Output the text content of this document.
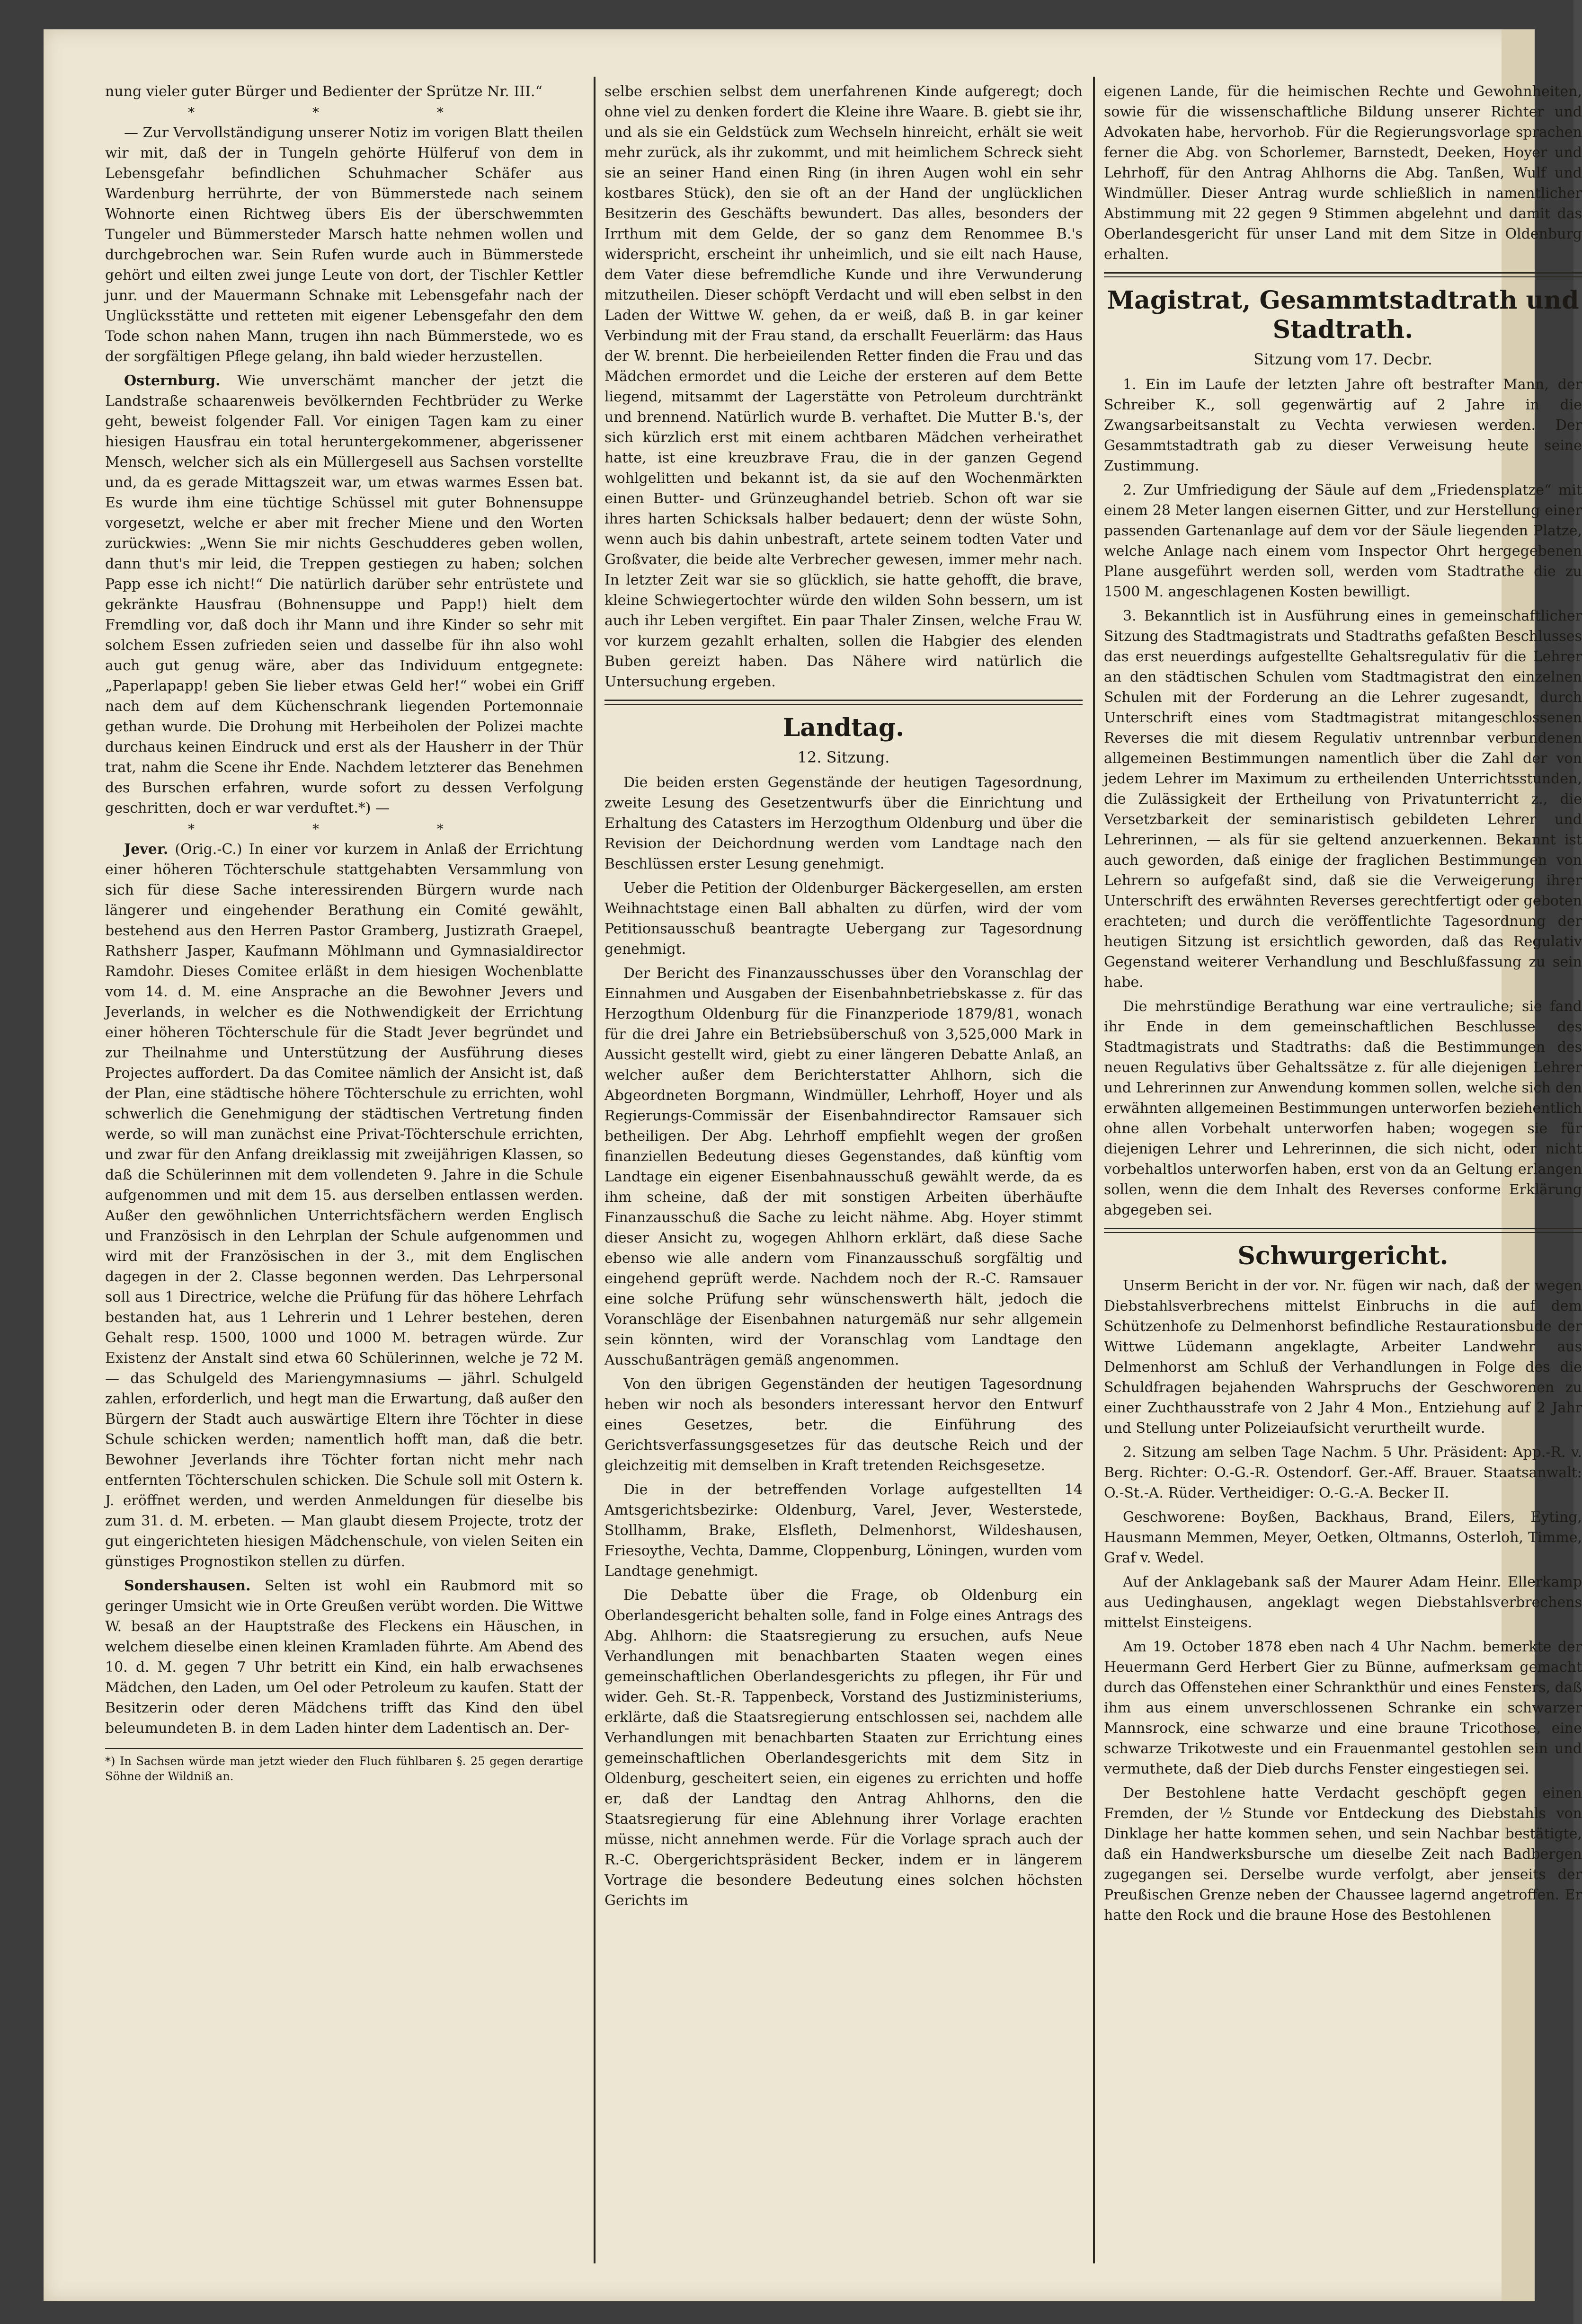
nung vieler guter Bürger und Bedienter der Sprütze Nr. III.“

* * *

— Zur Vervollständigung unserer Notiz im vorigen Blatt theilen wir mit, daß der in Tungeln gehörte Hülferuf von dem in Lebensgefahr befindlichen Schuhmacher Schäfer aus Wardenburg herrührte, der von Bümmerstede nach seinem Wohnorte einen Richtweg übers Eis der überschwemmten Tungeler und Bümmersteder Marsch hatte nehmen wollen und durchgebrochen war. Sein Rufen wurde auch in Bümmerstede gehört und eilten zwei junge Leute von dort, der Tischler Kettler junr. und der Mauermann Schnake mit Lebensgefahr nach der Unglücksstätte und retteten mit eigener Lebensgefahr den dem Tode schon nahen Mann, trugen ihn nach Bümmerstede, wo es der sorgfältigen Pflege gelang, ihn bald wieder herzustellen.

Osternburg. Wie unverschämt mancher der jetzt die Landstraße schaarenweis bevölkernden Fechtbrüder zu Werke geht, beweist folgender Fall. Vor einigen Tagen kam zu einer hiesigen Hausfrau ein total heruntergekommener, abgerissener Mensch, welcher sich als ein Müllergesell aus Sachsen vorstellte und, da es gerade Mittagszeit war, um etwas warmes Essen bat. Es wurde ihm eine tüchtige Schüssel mit guter Bohnensuppe vorgesetzt, welche er aber mit frecher Miene und den Worten zurückwies: „Wenn Sie mir nichts Geschudderes geben wollen, dann thut's mir leid, die Treppen gestiegen zu haben; solchen Papp esse ich nicht!“ Die natürlich darüber sehr entrüstete und gekränkte Hausfrau (Bohnensuppe und Papp!) hielt dem Fremdling vor, daß doch ihr Mann und ihre Kinder so sehr mit solchem Essen zufrieden seien und dasselbe für ihn also wohl auch gut genug wäre, aber das Individuum entgegnete: „Paperlapapp! geben Sie lieber etwas Geld her!“ wobei ein Griff nach dem auf dem Küchenschrank liegenden Portemonnaie gethan wurde. Die Drohung mit Herbeiholen der Polizei machte durchaus keinen Eindruck und erst als der Hausherr in der Thür trat, nahm die Scene ihr Ende. Nachdem letzterer das Benehmen des Burschen erfahren, wurde sofort zu dessen Verfolgung geschritten, doch er war verduftet.*) —

* * *

Jever. (Orig.-C.) In einer vor kurzem in Anlaß der Errichtung einer höheren Töchterschule stattgehabten Versammlung von sich für diese Sache interessirenden Bürgern wurde nach längerer und eingehender Berathung ein Comité gewählt, bestehend aus den Herren Pastor Gramberg, Justizrath Graepel, Rathsherr Jasper, Kaufmann Möhlmann und Gymnasialdirector Ramdohr. Dieses Comitee erläßt in dem hiesigen Wochenblatte vom 14. d. M. eine Ansprache an die Bewohner Jevers und Jeverlands, in welcher es die Nothwendigkeit der Errichtung einer höheren Töchterschule für die Stadt Jever begründet und zur Theilnahme und Unterstützung der Ausführung dieses Projectes auffordert. Da das Comitee nämlich der Ansicht ist, daß der Plan, eine städtische höhere Töchterschule zu errichten, wohl schwerlich die Genehmigung der städtischen Vertretung finden werde, so will man zunächst eine Privat-Töchterschule errichten, und zwar für den Anfang dreiklassig mit zweijährigen Klassen, so daß die Schülerinnen mit dem vollendeten 9. Jahre in die Schule aufgenommen und mit dem 15. aus derselben entlassen werden. Außer den gewöhnlichen Unterrichtsfächern werden Englisch und Französisch in den Lehrplan der Schule aufgenommen und wird mit der Französischen in der 3., mit dem Englischen dagegen in der 2. Classe begonnen werden. Das Lehrpersonal soll aus 1 Directrice, welche die Prüfung für das höhere Lehrfach bestanden hat, aus 1 Lehrerin und 1 Lehrer bestehen, deren Gehalt resp. 1500, 1000 und 1000 M. betragen würde. Zur Existenz der Anstalt sind etwa 60 Schülerinnen, welche je 72 M. — das Schulgeld des Mariengymnasiums — jährl. Schulgeld zahlen, erforderlich, und hegt man die Erwartung, daß außer den Bürgern der Stadt auch auswärtige Eltern ihre Töchter in diese Schule schicken werden; namentlich hofft man, daß die betr. Bewohner Jeverlands ihre Töchter fortan nicht mehr nach entfernten Töchterschulen schicken. Die Schule soll mit Ostern k. J. eröffnet werden, und werden Anmeldungen für dieselbe bis zum 31. d. M. erbeten. — Man glaubt diesem Projecte, trotz der gut eingerichteten hiesigen Mädchenschule, von vielen Seiten ein günstiges Prognostikon stellen zu dürfen.

Sondershausen. Selten ist wohl ein Raubmord mit so geringer Umsicht wie in Orte Greußen verübt worden. Die Wittwe W. besaß an der Hauptstraße des Fleckens ein Häuschen, in welchem dieselbe einen kleinen Kramladen führte. Am Abend des 10. d. M. gegen 7 Uhr betritt ein Kind, ein halb erwachsenes Mädchen, den Laden, um Oel oder Petroleum zu kaufen. Statt der Besitzerin oder deren Mädchens trifft das Kind den übel beleumundeten B. in dem Laden hinter dem Ladentisch an. Der-

*) In Sachsen würde man jetzt wieder den Fluch fühlbaren §. 25 gegen derartige Söhne der Wildniß an.

selbe erschien selbst dem unerfahrenen Kinde aufgeregt; doch ohne viel zu denken fordert die Kleine ihre Waare. B. giebt sie ihr, und als sie ein Geldstück zum Wechseln hinreicht, erhält sie weit mehr zurück, als ihr zukommt, und mit heimlichem Schreck sieht sie an seiner Hand einen Ring (in ihren Augen wohl ein sehr kostbares Stück), den sie oft an der Hand der unglücklichen Besitzerin des Geschäfts bewundert. Das alles, besonders der Irrthum mit dem Gelde, der so ganz dem Renommee B.'s widerspricht, erscheint ihr unheimlich, und sie eilt nach Hause, dem Vater diese befremdliche Kunde und ihre Verwunderung mitzutheilen. Dieser schöpft Verdacht und will eben selbst in den Laden der Wittwe W. gehen, da er weiß, daß B. in gar keiner Verbindung mit der Frau stand, da erschallt Feuerlärm: das Haus der W. brennt. Die herbeieilenden Retter finden die Frau und das Mädchen ermordet und die Leiche der ersteren auf dem Bette liegend, mitsammt der Lagerstätte von Petroleum durchtränkt und brennend. Natürlich wurde B. verhaftet. Die Mutter B.'s, der sich kürzlich erst mit einem achtbaren Mädchen verheirathet hatte, ist eine kreuzbrave Frau, die in der ganzen Gegend wohlgelitten und bekannt ist, da sie auf den Wochenmärkten einen Butter- und Grünzeughandel betrieb. Schon oft war sie ihres harten Schicksals halber bedauert; denn der wüste Sohn, wenn auch bis dahin unbestraft, artete seinem todten Vater und Großvater, die beide alte Verbrecher gewesen, immer mehr nach. In letzter Zeit war sie so glücklich, sie hatte gehofft, die brave, kleine Schwiegertochter würde den wilden Sohn bessern, um ist auch ihr Leben vergiftet. Ein paar Thaler Zinsen, welche Frau W. vor kurzem gezahlt erhalten, sollen die Habgier des elenden Buben gereizt haben. Das Nähere wird natürlich die Untersuchung ergeben.

Landtag.
12. Sitzung.

Die beiden ersten Gegenstände der heutigen Tagesordnung, zweite Lesung des Gesetzentwurfs über die Einrichtung und Erhaltung des Catasters im Herzogthum Oldenburg und über die Revision der Deichordnung werden vom Landtage nach den Beschlüssen erster Lesung genehmigt.

Ueber die Petition der Oldenburger Bäckergesellen, am ersten Weihnachtstage einen Ball abhalten zu dürfen, wird der vom Petitionsausschuß beantragte Uebergang zur Tagesordnung genehmigt.

Der Bericht des Finanzausschusses über den Voranschlag der Einnahmen und Ausgaben der Eisenbahnbetriebskasse z. für das Herzogthum Oldenburg für die Finanzperiode 1879/81, wonach für die drei Jahre ein Betriebsüberschuß von 3,525,000 Mark in Aussicht gestellt wird, giebt zu einer längeren Debatte Anlaß, an welcher außer dem Berichterstatter Ahlhorn, sich die Abgeordneten Borgmann, Windmüller, Lehrhoff, Hoyer und als Regierungs-Commissär der Eisenbahndirector Ramsauer sich betheiligen. Der Abg. Lehrhoff empfiehlt wegen der großen finanziellen Bedeutung dieses Gegenstandes, daß künftig vom Landtage ein eigener Eisenbahnausschuß gewählt werde, da es ihm scheine, daß der mit sonstigen Arbeiten überhäufte Finanzausschuß die Sache zu leicht nähme. Abg. Hoyer stimmt dieser Ansicht zu, wogegen Ahlhorn erklärt, daß diese Sache ebenso wie alle andern vom Finanzausschuß sorgfältig und eingehend geprüft werde. Nachdem noch der R.-C. Ramsauer eine solche Prüfung sehr wünschenswerth hält, jedoch die Voranschläge der Eisenbahnen naturgemäß nur sehr allgemein sein könnten, wird der Voranschlag vom Landtage den Ausschußanträgen gemäß angenommen.

Von den übrigen Gegenständen der heutigen Tagesordnung heben wir noch als besonders interessant hervor den Entwurf eines Gesetzes, betr. die Einführung des Gerichtsverfassungsgesetzes für das deutsche Reich und der gleichzeitig mit demselben in Kraft tretenden Reichsgesetze.

Die in der betreffenden Vorlage aufgestellten 14 Amtsgerichtsbezirke: Oldenburg, Varel, Jever, Westerstede, Stollhamm, Brake, Elsfleth, Delmenhorst, Wildeshausen, Friesoythe, Vechta, Damme, Cloppenburg, Löningen, wurden vom Landtage genehmigt.

Die Debatte über die Frage, ob Oldenburg ein Oberlandesgericht behalten solle, fand in Folge eines Antrags des Abg. Ahlhorn: die Staatsregierung zu ersuchen, aufs Neue Verhandlungen mit benachbarten Staaten wegen eines gemeinschaftlichen Oberlandesgerichts zu pflegen, ihr Für und wider. Geh. St.-R. Tappenbeck, Vorstand des Justizministeriums, erklärte, daß die Staatsregierung entschlossen sei, nachdem alle Verhandlungen mit benachbarten Staaten zur Errichtung eines gemeinschaftlichen Oberlandesgerichts mit dem Sitz in Oldenburg, gescheitert seien, ein eigenes zu errichten und hoffe er, daß der Landtag den Antrag Ahlhorns, den die Staatsregierung für eine Ablehnung ihrer Vorlage erachten müsse, nicht annehmen werde. Für die Vorlage sprach auch der R.-C. Obergerichtspräsident Becker, indem er in längerem Vortrage die besondere Bedeutung eines solchen höchsten Gerichts im

eigenen Lande, für die heimischen Rechte und Gewohnheiten, sowie für die wissenschaftliche Bildung unserer Richter und Advokaten habe, hervorhob. Für die Regierungsvorlage sprachen ferner die Abg. von Schorlemer, Barnstedt, Deeken, Hoyer und Lehrhoff, für den Antrag Ahlhorns die Abg. Tanßen, Wulf und Windmüller. Dieser Antrag wurde schließlich in namentlicher Abstimmung mit 22 gegen 9 Stimmen abgelehnt und damit das Oberlandesgericht für unser Land mit dem Sitze in Oldenburg erhalten.

Magistrat, Gesammtstadtrath und Stadtrath.
Sitzung vom 17. Decbr.

1. Ein im Laufe der letzten Jahre oft bestrafter Mann, der Schreiber K., soll gegenwärtig auf 2 Jahre in die Zwangsarbeitsanstalt zu Vechta verwiesen werden. Der Gesammtstadtrath gab zu dieser Verweisung heute seine Zustimmung.

2. Zur Umfriedigung der Säule auf dem „Friedensplatze“ mit einem 28 Meter langen eisernen Gitter, und zur Herstellung einer passenden Gartenanlage auf dem vor der Säule liegenden Platze, welche Anlage nach einem vom Inspector Ohrt hergegebenen Plane ausgeführt werden soll, werden vom Stadtrathe die zu 1500 M. angeschlagenen Kosten bewilligt.

3. Bekanntlich ist in Ausführung eines in gemeinschaftlicher Sitzung des Stadtmagistrats und Stadtraths gefaßten Beschlusses das erst neuerdings aufgestellte Gehaltsregulativ für die Lehrer an den städtischen Schulen vom Stadtmagistrat den einzelnen Schulen mit der Forderung an die Lehrer zugesandt, durch Unterschrift eines vom Stadtmagistrat mitangeschlossenen Reverses die mit diesem Regulativ untrennbar verbundenen allgemeinen Bestimmungen namentlich über die Zahl der von jedem Lehrer im Maximum zu ertheilenden Unterrichtsstunden, die Zulässigkeit der Ertheilung von Privatunterricht z., die Versetzbarkeit der seminaristisch gebildeten Lehrer und Lehrerinnen, — als für sie geltend anzuerkennen. Bekannt ist auch geworden, daß einige der fraglichen Bestimmungen von Lehrern so aufgefaßt sind, daß sie die Verweigerung ihrer Unterschrift des erwähnten Reverses gerechtfertigt oder geboten erachteten; und durch die veröffentlichte Tagesordnung der heutigen Sitzung ist ersichtlich geworden, daß das Regulativ Gegenstand weiterer Verhandlung und Beschlußfassung zu sein habe.

Die mehrstündige Berathung war eine vertrauliche; sie fand ihr Ende in dem gemeinschaftlichen Beschlusse des Stadtmagistrats und Stadtraths: daß die Bestimmungen des neuen Regulativs über Gehaltssätze z. für alle diejenigen Lehrer und Lehrerinnen zur Anwendung kommen sollen, welche sich den erwähnten allgemeinen Bestimmungen unterworfen beziehentlich ohne allen Vorbehalt unterworfen haben; wogegen sie für diejenigen Lehrer und Lehrerinnen, die sich nicht, oder nicht vorbehaltlos unterworfen haben, erst von da an Geltung erlangen sollen, wenn die dem Inhalt des Reverses conforme Erklärung abgegeben sei.

Schwurgericht.

Unserm Bericht in der vor. Nr. fügen wir nach, daß der wegen Diebstahlsverbrechens mittelst Einbruchs in die auf dem Schützenhofe zu Delmenhorst befindliche Restaurationsbude der Wittwe Lüdemann angeklagte, Arbeiter Landwehr aus Delmenhorst am Schluß der Verhandlungen in Folge des die Schuldfragen bejahenden Wahrspruchs der Geschworenen zu einer Zuchthausstrafe von 2 Jahr 4 Mon., Entziehung auf 2 Jahr und Stellung unter Polizeiaufsicht verurtheilt wurde.

2. Sitzung am selben Tage Nachm. 5 Uhr. Präsident: App.-R. v. Berg. Richter: O.-G.-R. Ostendorf. Ger.-Aff. Brauer. Staatsanwalt: O.-St.-A. Rüder. Vertheidiger: O.-G.-A. Becker II.

Geschworene: Boyßen, Backhaus, Brand, Eilers, Eyting, Hausmann Memmen, Meyer, Oetken, Oltmanns, Osterloh, Timme, Graf v. Wedel.

Auf der Anklagebank saß der Maurer Adam Heinr. Ellerkamp aus Uedinghausen, angeklagt wegen Diebstahlsverbrechens mittelst Einsteigens.

Am 19. October 1878 eben nach 4 Uhr Nachm. bemerkte der Heuermann Gerd Herbert Gier zu Bünne, aufmerksam gemacht durch das Offenstehen einer Schrankthür und eines Fensters, daß ihm aus einem unverschlossenen Schranke ein schwarzer Mannsrock, eine schwarze und eine braune Tricothose, eine schwarze Trikotweste und ein Frauenmantel gestohlen sein und vermuthete, daß der Dieb durchs Fenster eingestiegen sei.

Der Bestohlene hatte Verdacht geschöpft gegen einen Fremden, der ½ Stunde vor Entdeckung des Diebstahls von Dinklage her hatte kommen sehen, und sein Nachbar bestätigte, daß ein Handwerksbursche um dieselbe Zeit nach Badbergen zugegangen sei. Derselbe wurde verfolgt, aber jenseits der Preußischen Grenze neben der Chaussee lagernd angetroffen. Er hatte den Rock und die braune Hose des Bestohlenen
